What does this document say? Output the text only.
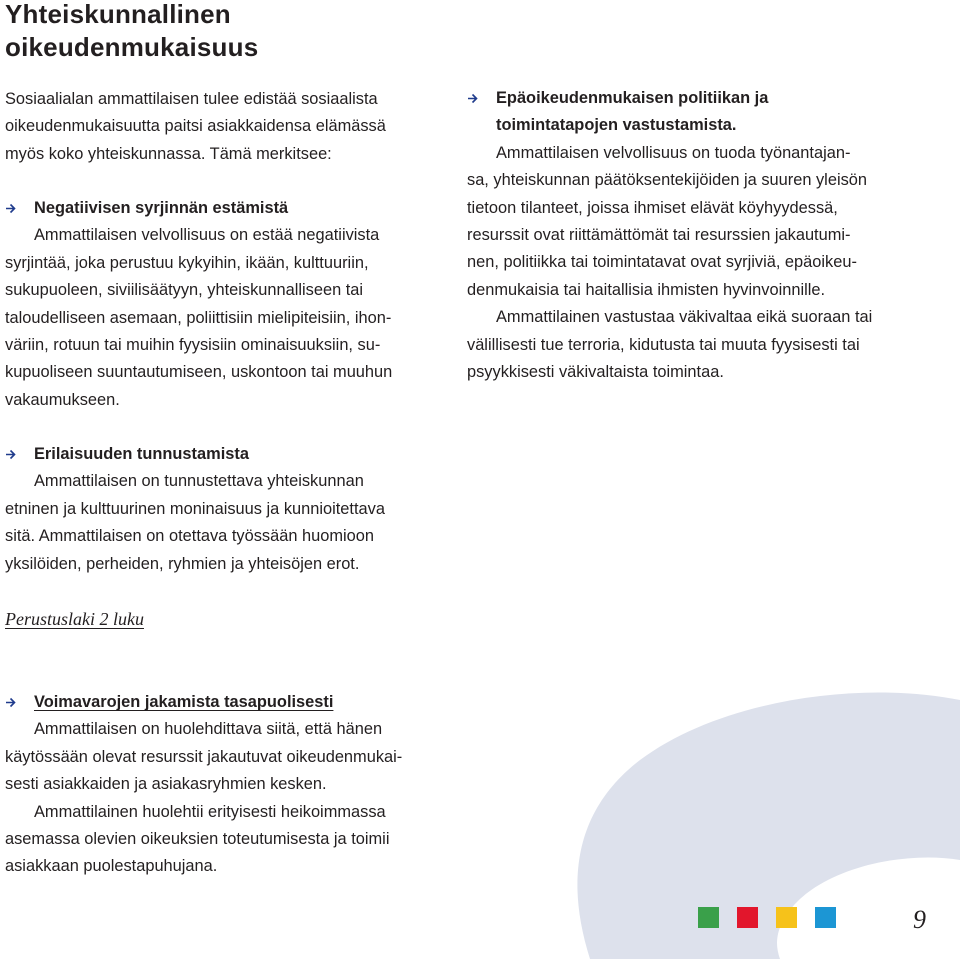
Yhteiskunnallinen
oikeudenmukaisuus
Sosiaalialan ammattilaisen tulee edistää sosiaalista
oikeudenmukaisuutta paitsi asiakkaidensa elämässä
myös koko yhteiskunnassa. Tämä merkitsee:
Negatiivisen syrjinnän estämistä
Ammattilaisen velvollisuus on estää negatiivista
syrjintää, joka perustuu kykyihin, ikään, kulttuuriin,
sukupuoleen, siviilisäätyyn, yhteiskunnalliseen tai
taloudelliseen asemaan, poliittisiin mielipiteisiin, ihon-
väriin, rotuun tai muihin fyysisiin ominaisuuksiin, su-
kupuoliseen suuntautumiseen, uskontoon tai muuhun
vakaumukseen.
Erilaisuuden tunnustamista
Ammattilaisen on tunnustettava yhteiskunnan
etninen ja kulttuurinen moninaisuus ja kunnioitettava
sitä. Ammattilaisen on otettava työssään huomioon
yksilöiden, perheiden, ryhmien ja yhteisöjen erot.
Perustuslaki 2 luku
Voimavarojen jakamista tasapuolisesti
Ammattilaisen on huolehdittava siitä, että hänen
käytössään olevat resurssit jakautuvat oikeudenmukai-
sesti asiakkaiden ja asiakasryhmien kesken.
Ammattilainen huolehtii erityisesti heikoimmassa
asemassa olevien oikeuksien toteutumisesta ja toimii
asiakkaan puolestapuhujana.
Epäoikeudenmukaisen politiikan ja
toimintatapojen vastustamista.
Ammattilaisen velvollisuus on tuoda työnantajan-
sa, yhteiskunnan päätöksentekijöiden ja suuren yleisön
tietoon tilanteet, joissa ihmiset elävät köyhyydessä,
resurssit ovat riittämättömät tai resurssien jakautumi-
nen, politiikka tai toimintatavat ovat syrjiviä, epäoikeu-
denmukaisia tai haitallisia ihmisten hyvinvoinnille.
Ammattilainen vastustaa väkivaltaa eikä suoraan tai
välillisesti tue terroria, kidutusta tai muuta fyysisesti tai
psyykkisesti väkivaltaista toimintaa.
9
